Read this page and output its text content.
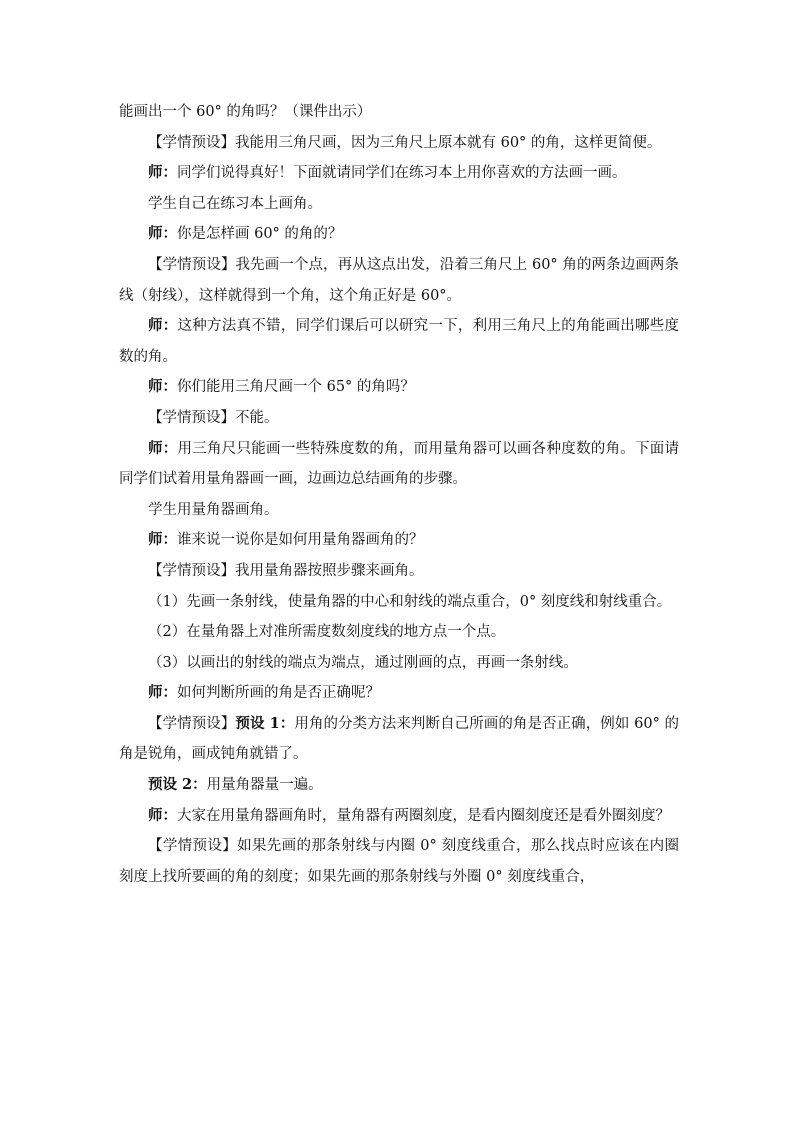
能画出一个 60° 的角吗？（课件出示）

【学情预设】我能用三角尺画，因为三角尺上原本就有 60° 的角，这样更简便。

师：同学们说得真好！下面就请同学们在练习本上用你喜欢的方法画一画。

学生自己在练习本上画角。

师：你是怎样画 60° 的角的？

【学情预设】我先画一个点，再从这点出发，沿着三角尺上 60° 角的两条边画两条线（射线），这样就得到一个角，这个角正好是 60°。

师：这种方法真不错，同学们课后可以研究一下，利用三角尺上的角能画出哪些度数的角。

师：你们能用三角尺画一个 65° 的角吗？

【学情预设】不能。

师：用三角尺只能画一些特殊度数的角，而用量角器可以画各种度数的角。下面请同学们试着用量角器画一画，边画边总结画角的步骤。

学生用量角器画角。

师：谁来说一说你是如何用量角器画角的？

【学情预设】我用量角器按照步骤来画角。

（1）先画一条射线，使量角器的中心和射线的端点重合，0° 刻度线和射线重合。

（2）在量角器上对准所需度数刻度线的地方点一个点。

（3）以画出的射线的端点为端点，通过刚画的点，再画一条射线。

师：如何判断所画的角是否正确呢？

【学情预设】预设 1：用角的分类方法来判断自己所画的角是否正确，例如 60° 的角是锐角，画成钝角就错了。

预设 2：用量角器量一遍。

师：大家在用量角器画角时，量角器有两圈刻度，是看内圈刻度还是看外圈刻度？

【学情预设】如果先画的那条射线与内圈 0° 刻度线重合，那么找点时应该在内圈刻度上找所要画的角的刻度；如果先画的那条射线与外圈 0° 刻度线重合，
